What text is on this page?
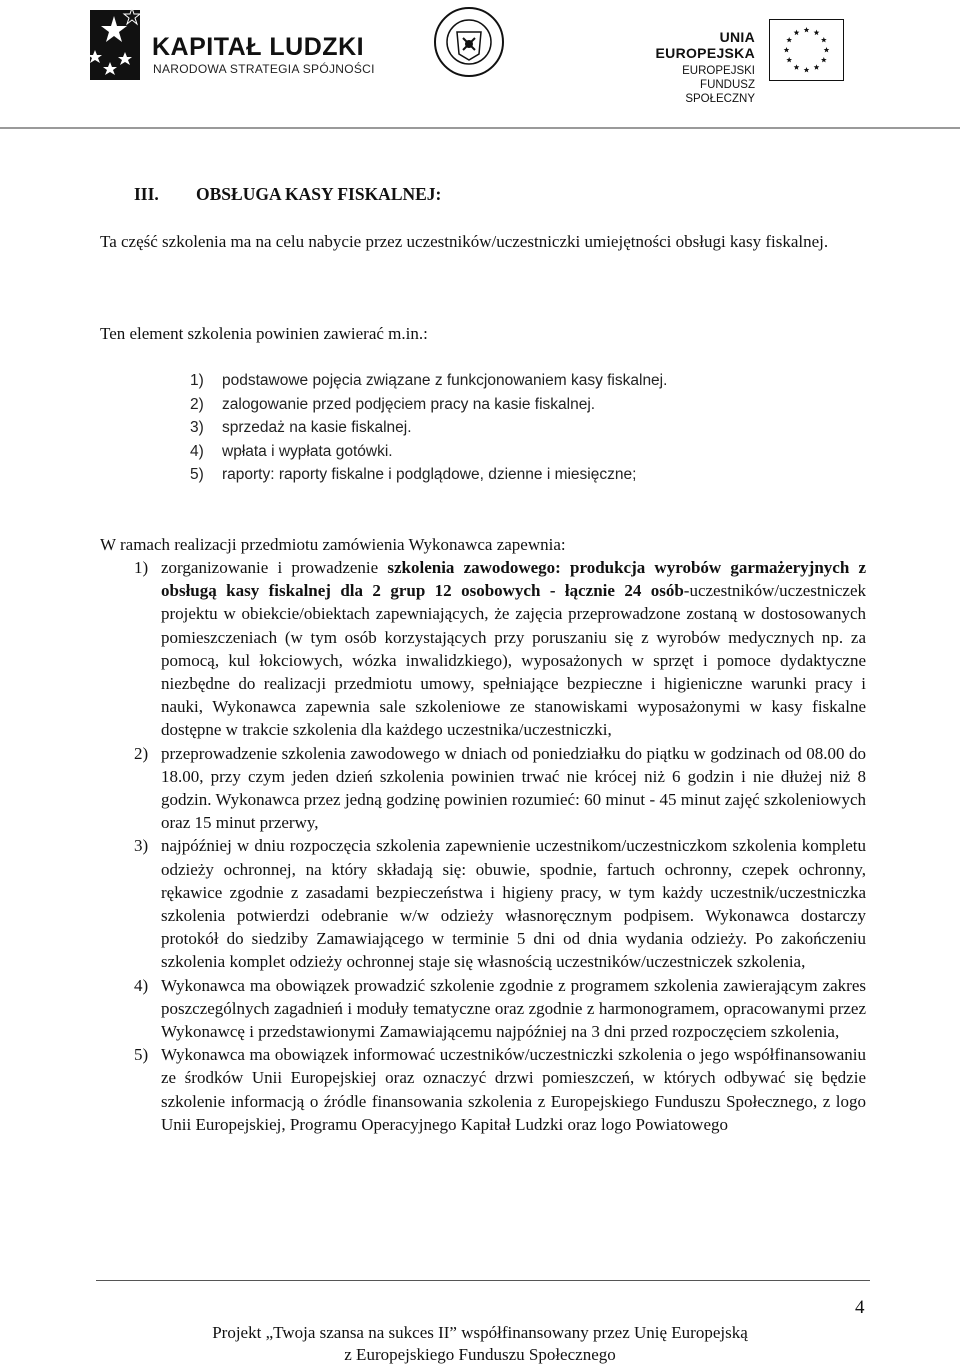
KAPITAŁ LUDZKI
NARODOWA STRATEGIA SPÓJNOŚCI
UNIA EUROPEJSKA
EUROPEJSKI
FUNDUSZ SPOŁECZNY
III. OBSŁUGA KASY FISKALNEJ:
Ta część szkolenia ma na celu nabycie przez uczestników/uczestniczki umiejętności obsługi kasy fiskalnej.
Ten element szkolenia powinien zawierać m.in.:
1) podstawowe pojęcia związane z funkcjonowaniem kasy fiskalnej.
2) zalogowanie przed podjęciem pracy na kasie fiskalnej.
3) sprzedaż na kasie fiskalnej.
4) wpłata i wypłata gotówki.
5) raporty: raporty fiskalne i podglądowe, dzienne i miesięczne;
W ramach realizacji przedmiotu zamówienia Wykonawca zapewnia:
1) zorganizowanie i prowadzenie szkolenia zawodowego: produkcja wyrobów garmażeryjnych z obsługą kasy fiskalnej dla 2 grup 12 osobowych - łącznie 24 osób-uczestników/uczestniczek projektu w obiekcie/obiektach zapewniających, że zajęcia przeprowadzone zostaną w dostosowanych pomieszczeniach (w tym osób korzystających przy poruszaniu się z wyrobów medycznych np. za pomocą, kul łokciowych, wózka inwalidzkiego), wyposażonych w sprzęt i pomoce dydaktyczne niezbędne do realizacji przedmiotu umowy, spełniające bezpieczne i higieniczne warunki pracy i nauki, Wykonawca zapewnia sale szkoleniowe ze stanowiskami wyposażonymi w kasy fiskalne dostępne w trakcie szkolenia dla każdego uczestnika/uczestniczki,
2) przeprowadzenie szkolenia zawodowego w dniach od poniedziałku do piątku w godzinach od 08.00 do 18.00, przy czym jeden dzień szkolenia powinien trwać nie krócej niż 6 godzin i nie dłużej niż 8 godzin. Wykonawca przez jedną godzinę powinien rozumieć: 60 minut - 45 minut zajęć szkoleniowych oraz 15 minut przerwy,
3) najpóźniej w dniu rozpoczęcia szkolenia zapewnienie uczestnikom/uczestniczkom szkolenia kompletu odzieży ochronnej, na który składają się: obuwie, spodnie, fartuch ochronny, czepek ochronny, rękawice zgodnie z zasadami bezpieczeństwa i higieny pracy, w tym każdy uczestnik/uczestniczka szkolenia potwierdzi odebranie w/w odzieży własnoręcznym podpisem. Wykonawca dostarczy protokół do siedziby Zamawiającego w terminie 5 dni od dnia wydania odzieży. Po zakończeniu szkolenia komplet odzieży ochronnej staje się własnością uczestników/uczestniczek szkolenia,
4) Wykonawca ma obowiązek prowadzić szkolenie zgodnie z programem szkolenia zawierającym zakres poszczególnych zagadnień i moduły tematyczne oraz zgodnie z harmonogramem, opracowanymi przez Wykonawcę i przedstawionymi Zamawiającemu najpóźniej na 3 dni przed rozpoczęciem szkolenia,
5) Wykonawca ma obowiązek informować uczestników/uczestniczki szkolenia o jego współfinansowaniu ze środków Unii Europejskiej oraz oznaczyć drzwi pomieszczeń, w których odbywać się będzie szkolenie informacją o źródle finansowania szkolenia z Europejskiego Funduszu Społecznego, z logo Unii Europejskiej, Programu Operacyjnego Kapitał Ludzki oraz logo Powiatowego
4
Projekt „Twoja szansa na sukces II” współfinansowany przez Unię Europejską
z Europejskiego Funduszu Społecznego
